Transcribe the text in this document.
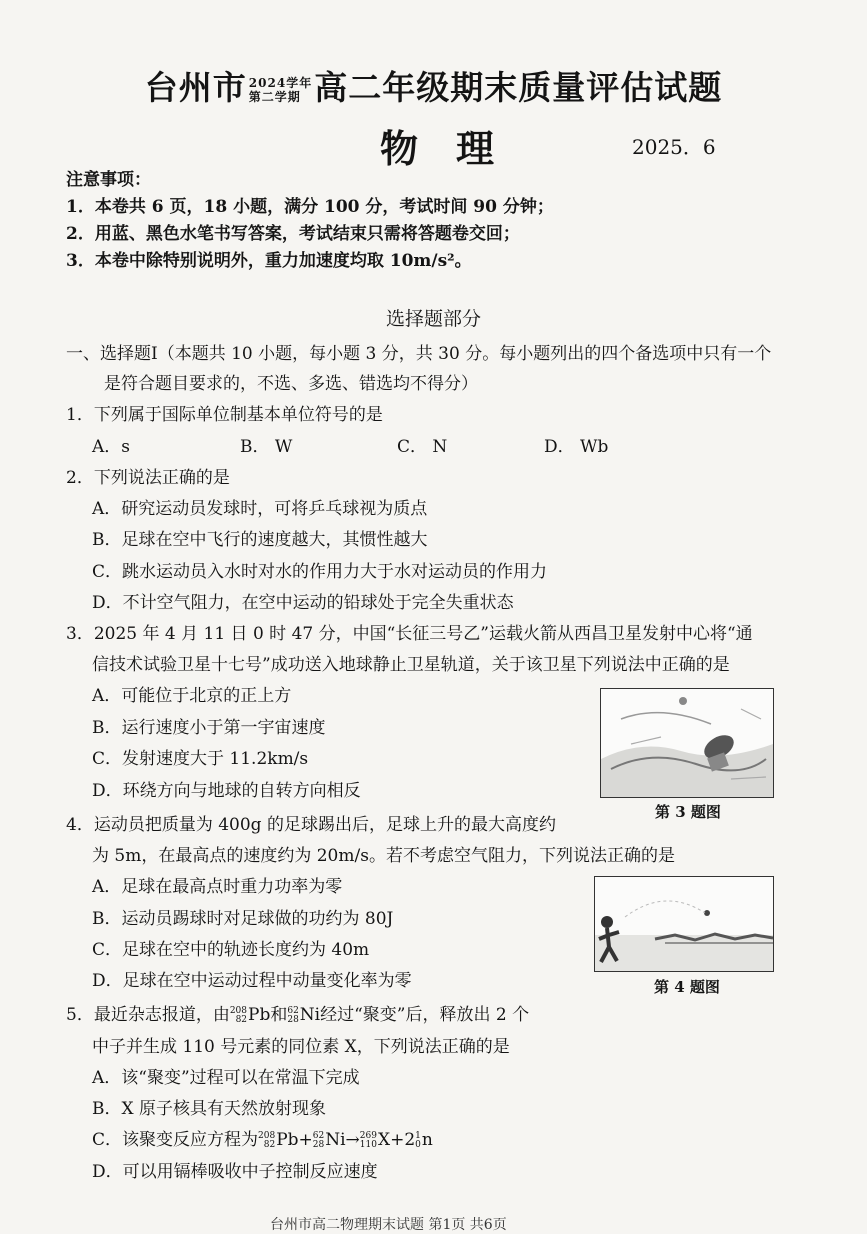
台州市 2024学年
第二学期 高二年级期末质量评估试题
物理	2025．6
注意事项：
1．本卷共 6 页，18 小题，满分 100 分，考试时间 90 分钟；
2．用蓝、黑色水笔书写答案，考试结束只需将答题卷交回；
3．本卷中除特别说明外，重力加速度均取 10m/s²。
选择题部分
一、选择题Ⅰ（本题共 10 小题，每小题 3 分，共 30 分。每小题列出的四个备选项中只有一个
是符合题目要求的，不选、多选、错选均不得分）
1．下列属于国际单位制基本单位符号的是
A．s	B． W	C． N	D． Wb
2．下列说法正确的是
A．研究运动员发球时，可将乒乓球视为质点
B．足球在空中飞行的速度越大，其惯性越大
C．跳水运动员入水时对水的作用力大于水对运动员的作用力
D．不计空气阻力，在空中运动的铅球处于完全失重状态
3．2025 年 4 月 11 日 0 时 47 分，中国“长征三号乙”运载火箭从西昌卫星发射中心将“通
信技术试验卫星十七号”成功送入地球静止卫星轨道，关于该卫星下列说法中正确的是
A．可能位于北京的正上方
B．运行速度小于第一宇宙速度
C．发射速度大于 11.2km/s
D．环绕方向与地球的自转方向相反
第 3 题图
4．运动员把质量为 400g 的足球踢出后，足球上升的最大高度约
为 5m，在最高点的速度约为 20m/s。若不考虑空气阻力，下列说法正确的是
A．足球在最高点时重力功率为零
B．运动员踢球时对足球做的功约为 80J
C．足球在空中的轨迹长度约为 40m
D．足球在空中运动过程中动量变化率为零	第 4 题图
5．最近杂志报道，由208
82Pb和62
28Ni经过“聚变”后，释放出 2 个
中子并生成 110 号元素的同位素 X，下列说法正确的是
A．该“聚变”过程可以在常温下完成
B．X 原子核具有天然放射现象
C．该聚变反应方程为208
82Pb+62
28Ni→269
110X+21
0n
D．可以用镉棒吸收中子控制反应速度
台州市高二物理期末试题 第1页 共6页
